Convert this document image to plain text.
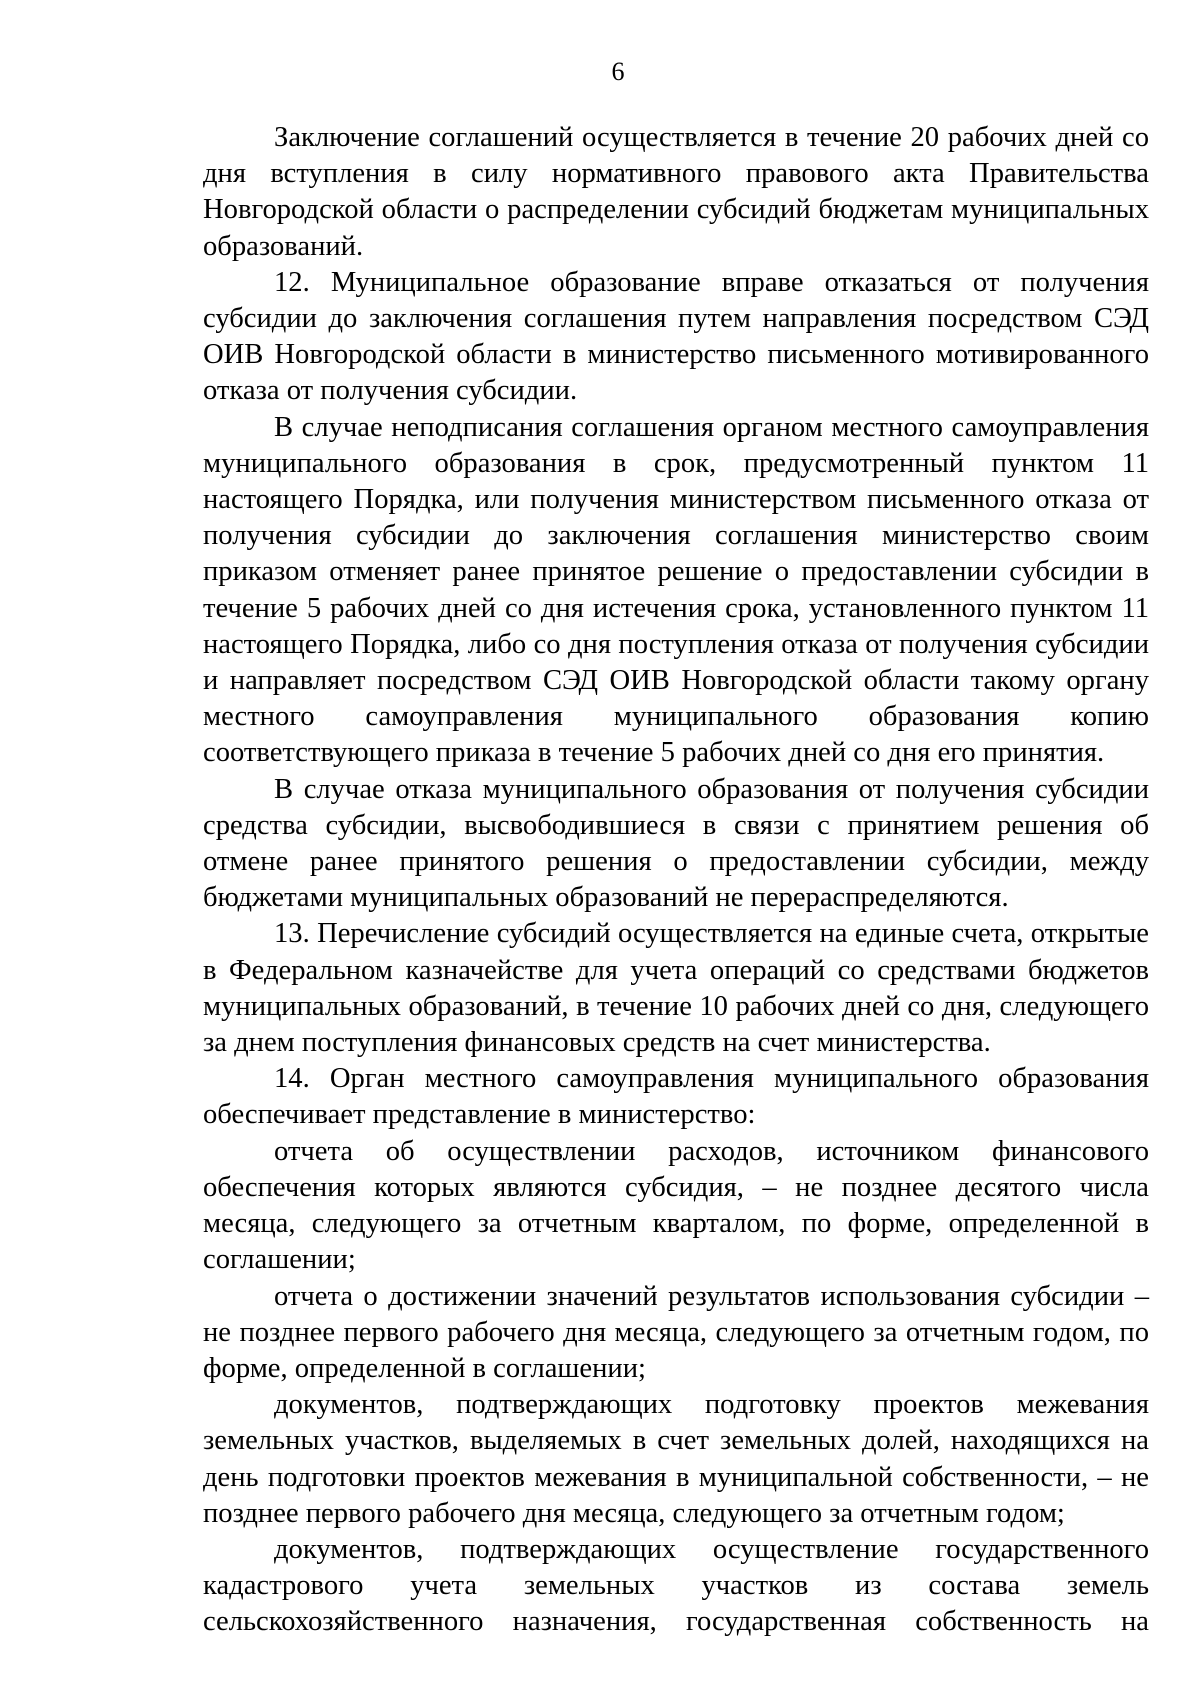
6

Заключение соглашений осуществляется в течение 20 рабочих дней со дня вступления в силу нормативного правового акта Правительства Новгородской области о распределении субсидий бюджетам муниципальных образований.

12. Муниципальное образование вправе отказаться от получения субсидии до заключения соглашения путем направления посредством СЭД ОИВ Новгородской области в министерство письменного мотивированного отказа от получения субсидии.

В случае неподписания соглашения органом местного самоуправления муниципального образования в срок, предусмотренный пунктом 11 настоящего Порядка, или получения министерством письменного отказа от получения субсидии до заключения соглашения министерство своим приказом отменяет ранее принятое решение о предоставлении субсидии в течение 5 рабочих дней со дня истечения срока, установленного пунктом 11 настоящего Порядка, либо со дня поступления отказа от получения субсидии и направляет посредством СЭД ОИВ Новгородской области такому органу местного самоуправления муниципального образования копию соответствующего приказа в течение 5 рабочих дней со дня его принятия.

В случае отказа муниципального образования от получения субсидии средства субсидии, высвободившиеся в связи с принятием решения об отмене ранее принятого решения о предоставлении субсидии, между бюджетами муниципальных образований не перераспределяются.

13. Перечисление субсидий осуществляется на единые счета, открытые в Федеральном казначействе для учета операций со средствами бюджетов муниципальных образований, в течение 10 рабочих дней со дня, следующего за днем поступления финансовых средств на счет министерства.

14. Орган местного самоуправления муниципального образования обеспечивает представление в министерство:

отчета об осуществлении расходов, источником финансового обеспечения которых являются субсидия, – не позднее десятого числа месяца, следующего за отчетным кварталом, по форме, определенной в соглашении;

отчета о достижении значений результатов использования субсидии – не позднее первого рабочего дня месяца, следующего за отчетным годом, по форме, определенной в соглашении;

документов, подтверждающих подготовку проектов межевания земельных участков, выделяемых в счет земельных долей, находящихся на день подготовки проектов межевания в муниципальной собственности, – не позднее первого рабочего дня месяца, следующего за отчетным годом;

документов, подтверждающих осуществление государственного кадастрового учета земельных участков из состава земель сельскохозяйственного назначения, государственная собственность на
